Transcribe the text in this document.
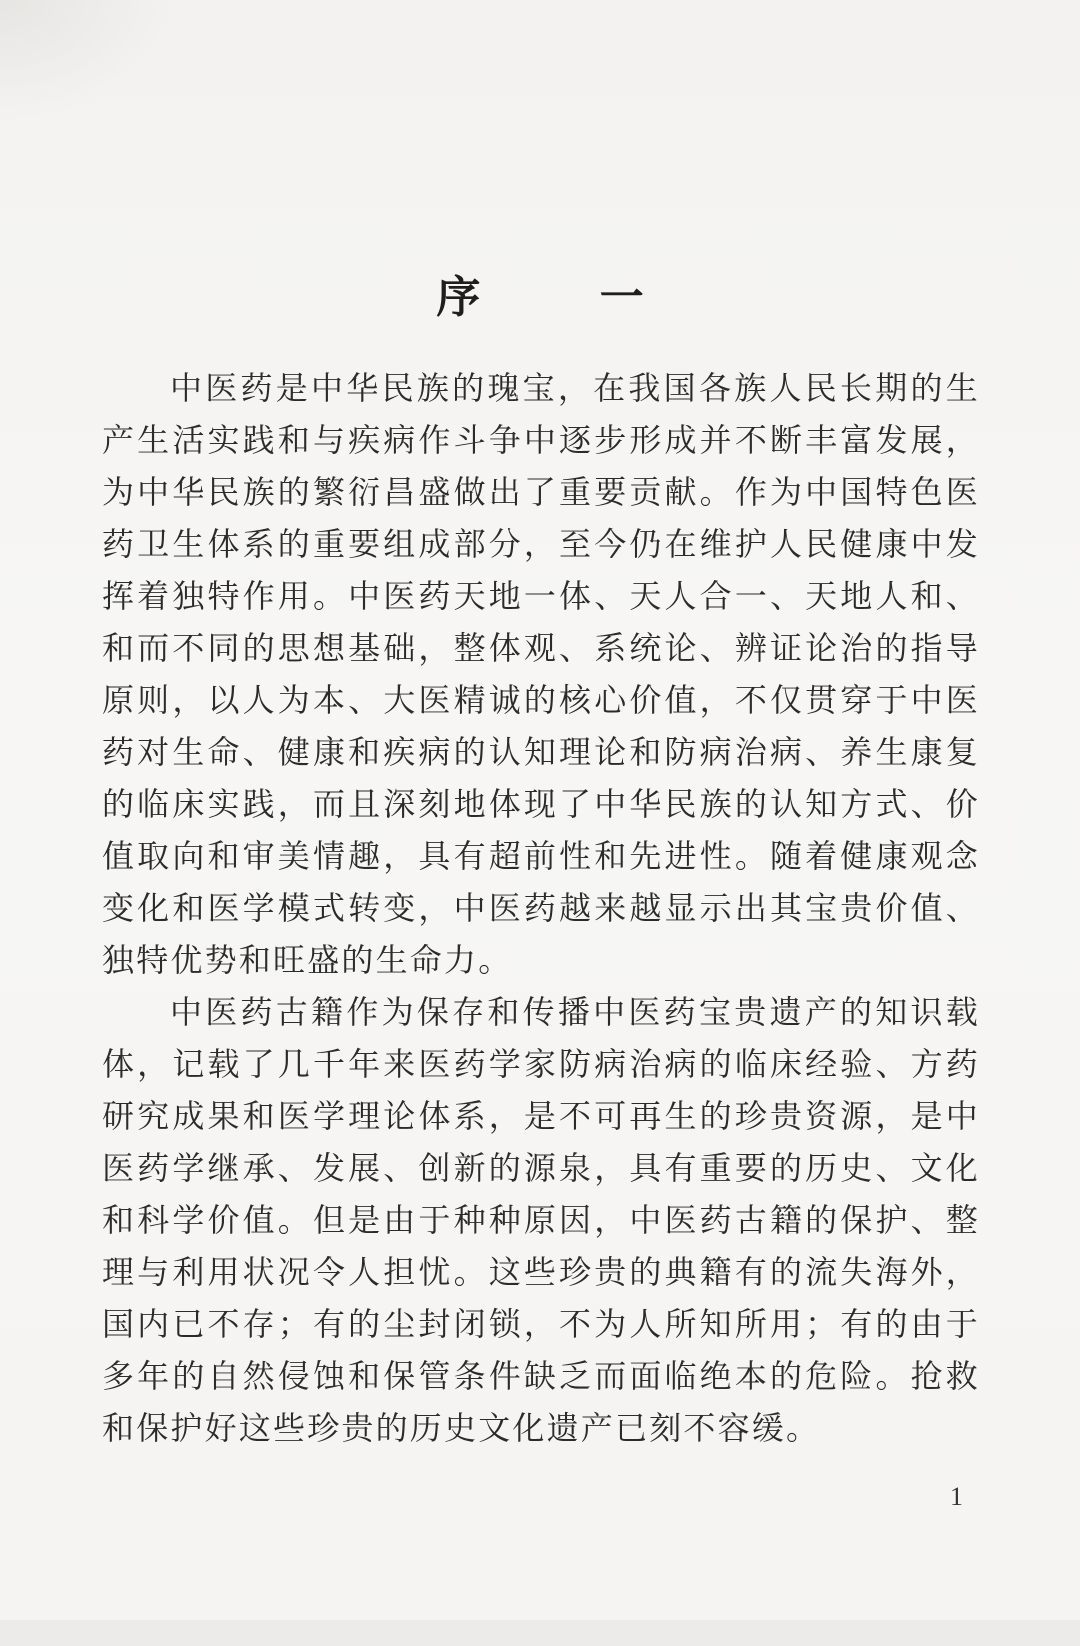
序 一

中医药是中华民族的瑰宝，在我国各族人民长期的生产生活实践和与疾病作斗争中逐步形成并不断丰富发展，为中华民族的繁衍昌盛做出了重要贡献。作为中国特色医药卫生体系的重要组成部分，至今仍在维护人民健康中发挥着独特作用。中医药天地一体、天人合一、天地人和、和而不同的思想基础，整体观、系统论、辨证论治的指导原则，以人为本、大医精诚的核心价值，不仅贯穿于中医药对生命、健康和疾病的认知理论和防病治病、养生康复的临床实践，而且深刻地体现了中华民族的认知方式、价值取向和审美情趣，具有超前性和先进性。随着健康观念变化和医学模式转变，中医药越来越显示出其宝贵价值、独特优势和旺盛的生命力。

中医药古籍作为保存和传播中医药宝贵遗产的知识载体，记载了几千年来医药学家防病治病的临床经验、方药研究成果和医学理论体系，是不可再生的珍贵资源，是中医药学继承、发展、创新的源泉，具有重要的历史、文化和科学价值。但是由于种种原因，中医药古籍的保护、整理与利用状况令人担忧。这些珍贵的典籍有的流失海外，国内已不存；有的尘封闭锁，不为人所知所用；有的由于多年的自然侵蚀和保管条件缺乏而面临绝本的危险。抢救和保护好这些珍贵的历史文化遗产已刻不容缓。

1
